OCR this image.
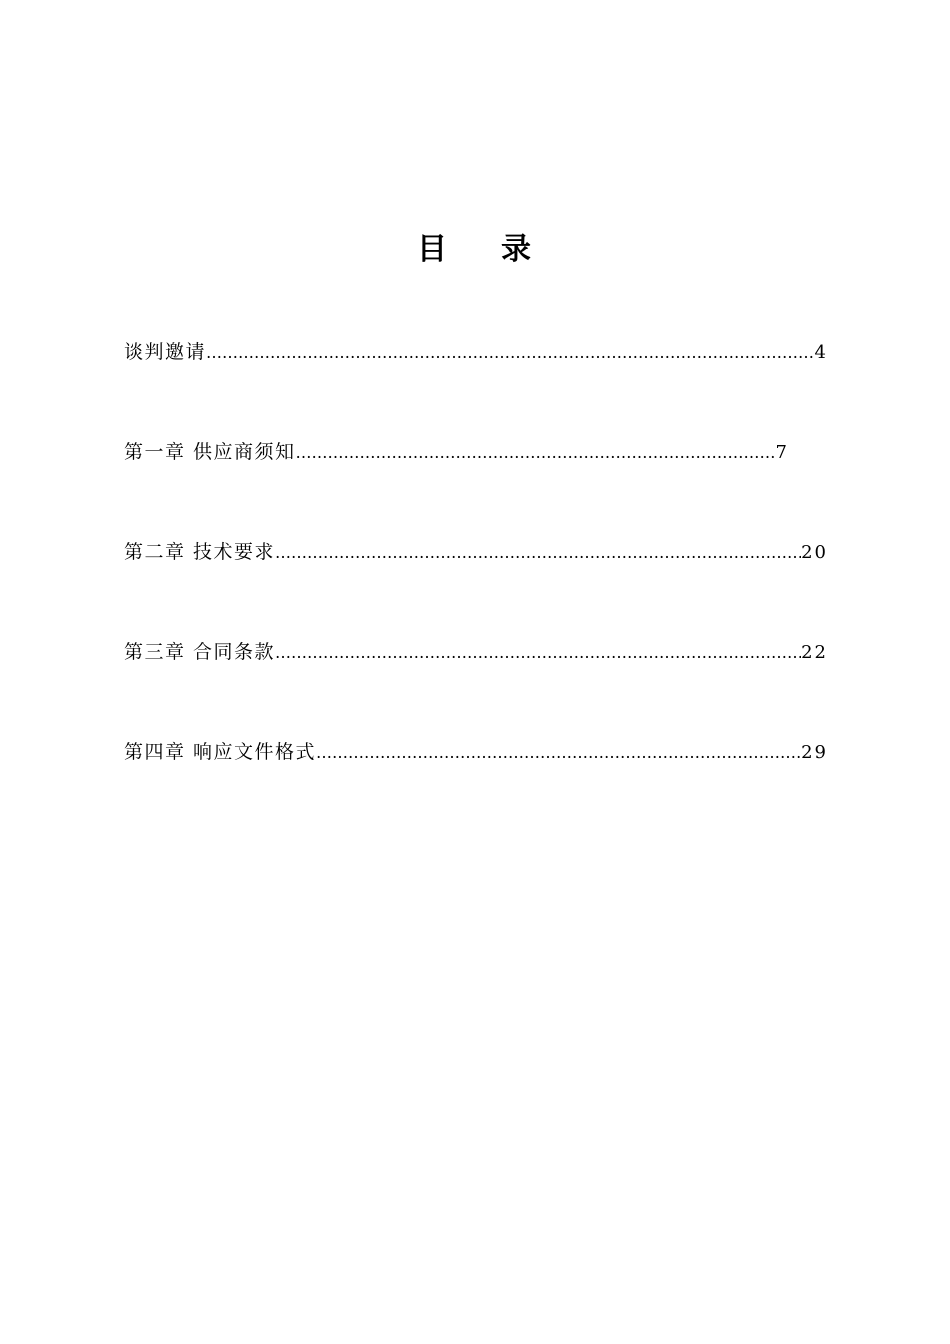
目 录
谈判邀请 ……………………………………………………………………………………………………………………………………………………………	4
第一章 供应商须知 ……………………………………………………………………………………………………………………………………………………………	7
第二章 技术要求 ……………………………………………………………………………………………………………………………………………………………	20
第三章 合同条款 ……………………………………………………………………………………………………………………………………………………………	22
第四章 响应文件格式 ……………………………………………………………………………………………………………………………………………………………	29
